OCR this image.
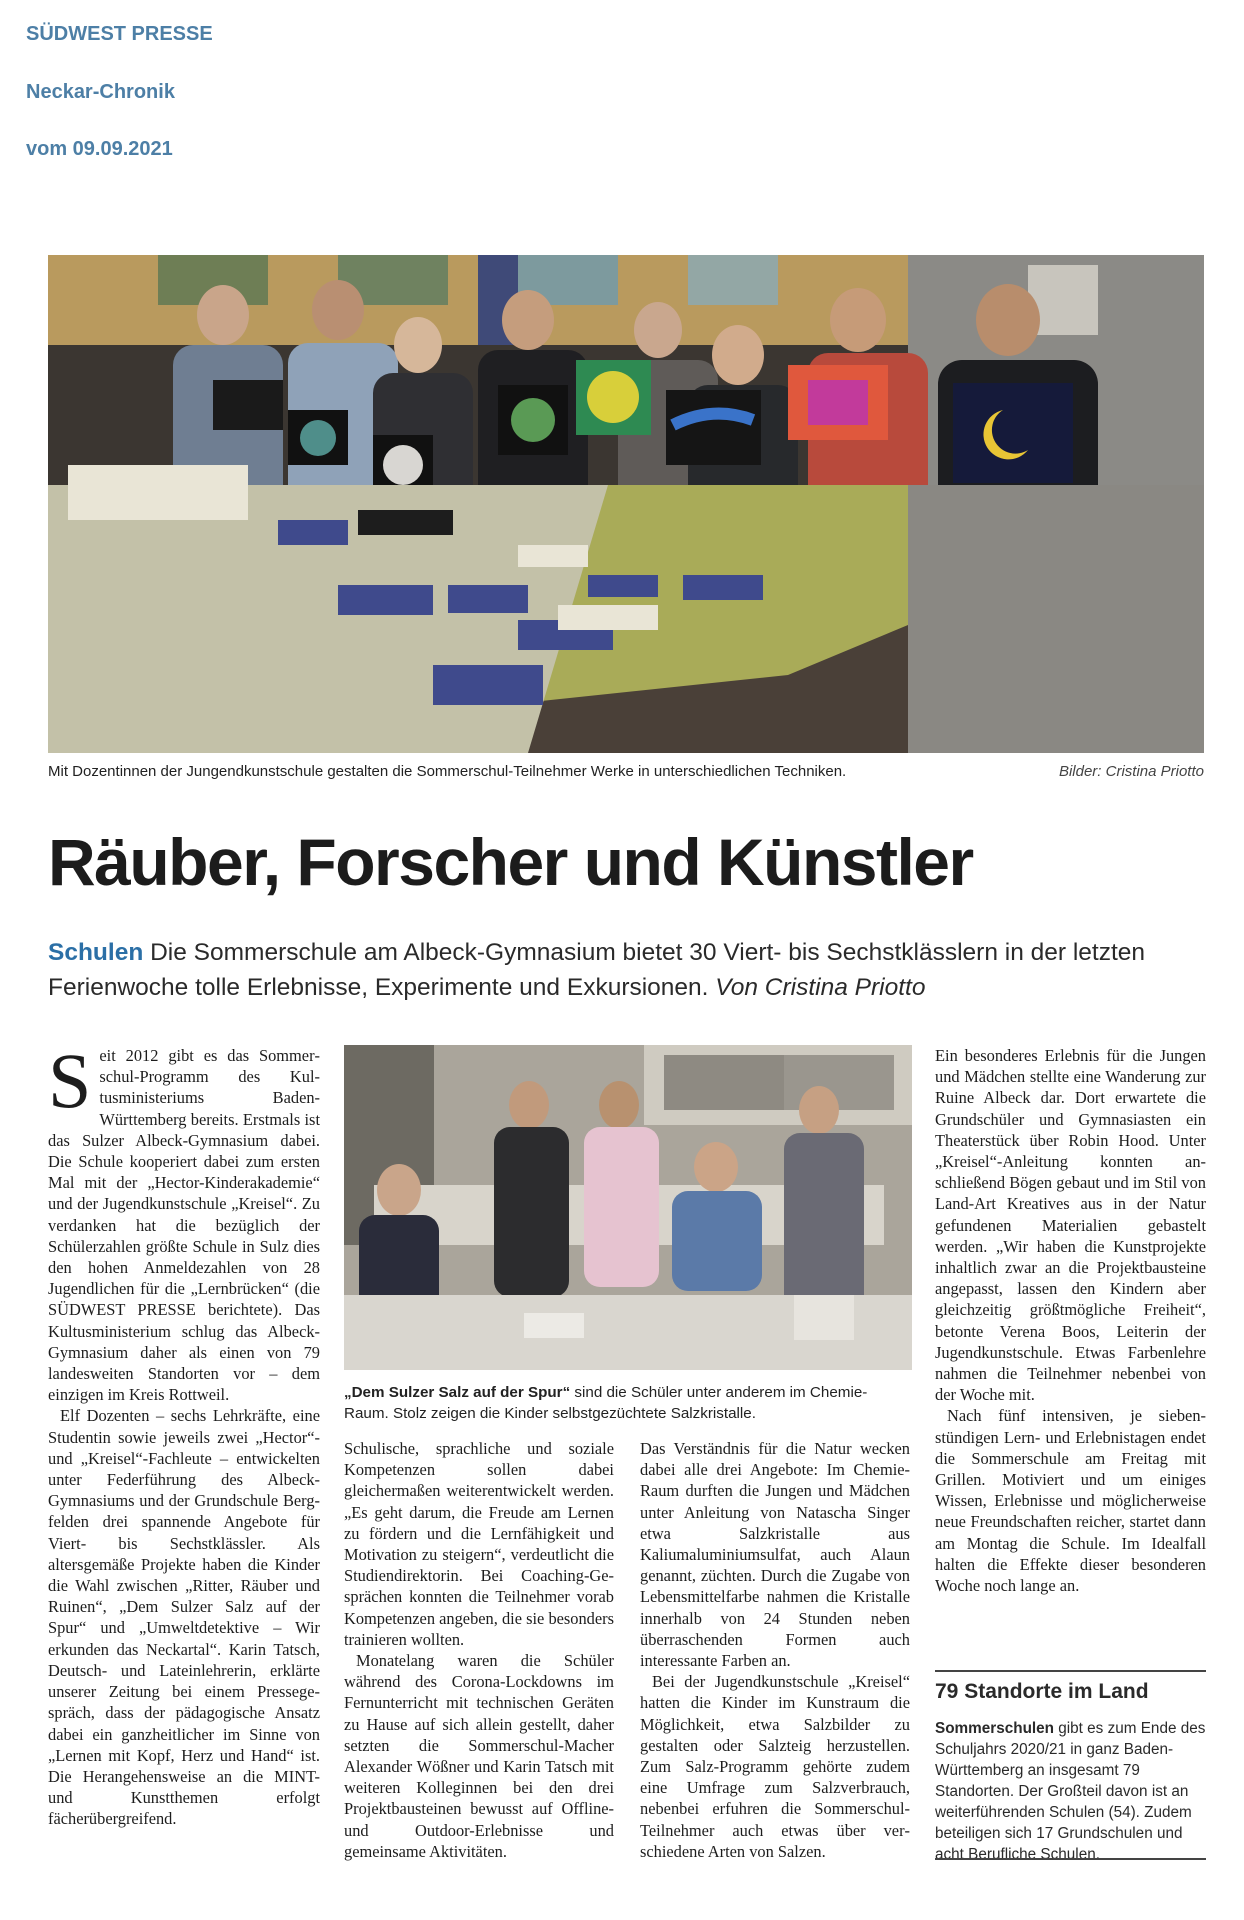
SÜDWEST PRESSE
Neckar-Chronik
vom 09.09.2021
Mit Dozentinnen der Jungendkunstschule gestalten die Sommerschul-Teilnehmer Werke in unterschiedlichen Techniken.	Bilder: Cristina Priotto
Räuber, Forscher und Künstler
Schulen Die Sommerschule am Albeck-Gymnasium bietet 30 Viert- bis Sechstklässlern in der letzten Ferienwoche tolle Erlebnisse, Experimente und Exkursionen. Von Cristina Priotto

Seit 2012 gibt es das Sommerschul-Programm des Kultusministeriums Baden-Württemberg bereits. Erstmals ist das Sulzer Albeck-Gymnasium dabei. Die Schule kooperiert dabei zum ersten Mal mit der „Hector-Kinderakademie“ und der Jugendkunstschule „Kreisel“. Zu verdanken hat die bezüglich der Schülerzahlen größte Schule in Sulz dies den hohen Anmeldezahlen von 28 Jugendlichen für die „Lernbrücken“ (die SÜDWEST PRESSE berichtete). Das Kultusministerium schlug das Albeck-Gymnasium daher als einen von 79 landesweiten Standorten vor – dem einzigen im Kreis Rottweil.

Elf Dozenten – sechs Lehrkräfte, eine Studentin sowie jeweils zwei „Hector“- und „Kreisel“-Fachleute – entwickelten unter Federführung des Albeck-Gymnasiums und der Grundschule Bergfelden drei spannende Angebote für Viert- bis Sechstklässler. Als altersgemäße Projekte haben die Kinder die Wahl zwischen „Ritter, Räuber und Ruinen“, „Dem Sulzer Salz auf der Spur“ und „Umweltdetektive – Wir erkunden das Neckartal“. Karin Tatsch, Deutsch- und Lateinlehrerin, erklärte unserer Zeitung bei einem Pressegespräch, dass der pädagogische Ansatz dabei ein ganzheitlicher im Sinne von „Lernen mit Kopf, Herz und Hand“ ist. Die Herangehensweise an die MINT- und Kunstthemen erfolgt fächerübergreifend.

„Dem Sulzer Salz auf der Spur“ sind die Schüler unter anderem im Chemie-Raum. Stolz zeigen die Kinder selbstgezüchtete Salzkristalle.

Schulische, sprachliche und soziale Kompetenzen sollen dabei gleichermaßen weiterentwickelt werden. „Es geht darum, die Freude am Lernen zu fördern und die Lernfähigkeit und Motivation zu steigern“, verdeutlicht die Studiendirektorin. Bei Coaching-Gesprächen konnten die Teilnehmer vorab Kompetenzen angeben, die sie besonders trainieren wollten.

Monatelang waren die Schüler während des Corona-Lockdowns im Fernunterricht mit technischen Geräten zu Hause auf sich allein gestellt, daher setzten die Sommerschul-Macher Alexander Wößner und Karin Tatsch mit weiteren Kolleginnen bei den drei Projektbausteinen bewusst auf Offline- und Outdoor-Erlebnisse und gemeinsame Aktivitäten.

Das Verständnis für die Natur wecken dabei alle drei Angebote: Im Chemie-Raum durften die Jungen und Mädchen unter Anleitung von Natascha Singer etwa Salzkristalle aus Kaliumaluminiumsulfat, auch Alaun genannt, züchten. Durch die Zugabe von Lebensmittelfarbe nahmen die Kristalle innerhalb von 24 Stunden neben überraschenden Formen auch interessante Farben an.

Bei der Jugendkunstschule „Kreisel“ hatten die Kinder im Kunstraum die Möglichkeit, etwa Salzbilder zu gestalten oder Salzteig herzustellen. Zum Salz-Programm gehörte zudem eine Umfrage zum Salzverbrauch, nebenbei erfuhren die Sommerschul-Teilnehmer auch etwas über verschiedene Arten von Salzen.

Ein besonderes Erlebnis für die Jungen und Mädchen stellte eine Wanderung zur Ruine Albeck dar. Dort erwartete die Grundschüler und Gymnasiasten ein Theaterstück über Robin Hood. Unter „Kreisel“-Anleitung konnten anschließend Bögen gebaut und im Stil von Land-Art Kreatives aus in der Natur gefundenen Materialien gebastelt werden. „Wir haben die Kunstprojekte inhaltlich zwar an die Projektbausteine angepasst, lassen den Kindern aber gleichzeitig größtmögliche Freiheit“, betonte Verena Boos, Leiterin der Jugendkunstschule. Etwas Farbenlehre nahmen die Teilnehmer nebenbei von der Woche mit.

Nach fünf intensiven, je siebenstündigen Lern- und Erlebnistagen endet die Sommerschule am Freitag mit Grillen. Motiviert und um einiges Wissen, Erlebnisse und möglicherweise neue Freundschaften reicher, startet dann am Montag die Schule. Im Idealfall halten die Effekte dieser besonderen Woche noch lange an.

79 Standorte im Land
Sommerschulen gibt es zum Ende des Schuljahrs 2020/21 in ganz Baden-Württemberg an insgesamt 79 Standorten. Der Großteil davon ist an weiterführenden Schulen (54). Zudem beteiligen sich 17 Grundschulen und acht Berufliche Schulen.
